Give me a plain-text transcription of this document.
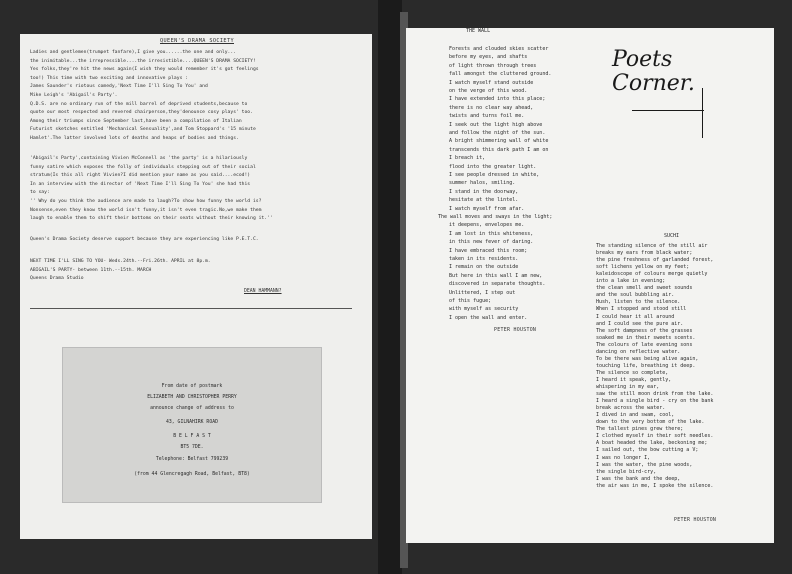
QUEEN'S DRAMA SOCIETY
Ladies and gentlemen(trumpet fanfare),I give you......the one and only...
the inimitable...the irrepressible....the irresistible....QUEEN'S DRAMA SOCIETY!
Yes folks,they're hit the news again(I wish they would remember it's got feelings
too!) This time with two exciting and innovative plays :
James Saunder's riotous comedy,'Next Time I'll Sing To You' and
Mike Leigh's 'Abigail's Party'.
Q.D.S. are no ordinary run of the mill barrel of deprived students,because to
quote our most respected and revered chairperson,they'denounce cosy plays' too.
Among their triumps since September last,have been a compilation of Italian
Futurist sketches entitled 'Mechanical Sensuality',and Tom Stoppard's '15 minute
Hamlet'.The latter involved lots of deaths and heaps of bodies and things.
'Abigail's Party',containing Vivien McConnell as 'the party' is a hilariously
funny satire which exposes the folly of individuals stepping out of their social
stratum(Is this all right Vivien?I did mention your name as you said....ecod!)
In an interview with the director of 'Next Time I'll Sing To You' she had this
to say:
'' Why do you think the audience are made to laugh?To show how funny the world is?
Nonsense,even they know the world isn't funny,it isn't even tragic.No,we make them
laugh to enable them to shift their bottoms on their seats without their knowing it.''
Queen's Drama Society deserve support because they are experiencing like P.E.T.C.
NEXT TIME I'LL SING TO YOU- Weds.24th.--Fri.26th. APRIL at 8p.m.
ABIGAIL'S PARTY- between 11th.--15th. MARCH
Queens Drama Studio
DEAN HAMMANN?
From date of postmark
ELIZABETH AND CHRISTOPHER PERRY
announce change of address to
43, GILNAHIRK ROAD
B E L F A S T
BT5 7DE.
Telephone: Belfast 799239
(from 44 Glencregagh Road, Belfast, BT8)
THE WALL
PETER HOUSTON
Poets
Corner.
SUCHI
PETER HOUSTON
Forests and clouded skies scatter
before my eyes, and shafts
of light thrown through trees
fall amongst the cluttered ground.
I watch myself stand outside
on the verge of this wood.
I have extended into this place;
there is no clear way ahead,
twists and turns foil me.
I seek out the light high above
and follow the night of the sun.
A bright shimmering wall of white
transcends this dark path I am on
I breach it,
flood into the greater light.
I see people dressed in white,
summer halos, smiling.
I stand in the doorway,
hesitate at the lintel.
I watch myself from afar.
The wall moves and sways in the light;
it deepens, envelopes me.
I am lost in this whiteness,
in this new fever of daring.
I have embraced this room;
taken in its residents.
I remain on the outside
But here in this wall I am new,
discovered in separate thoughts.
Unlittered, I step out
of this fugue;
with myself as security
I open the wall and enter.
The standing silence of the still air
breaks my ears from black water;
the pine freshness of garlanded forest,
soft lichens yellow on my feet;
kaleidoscope of colours merge quietly
into a lake in evening;
the clean smell and sweet sounds
and the soul bubbling air.
Hush, listen to the silence.
When I stopped and stood still
I could hear it all around
and I could see the pure air.
The soft dampness of the grasses
soaked me in their sweets scents.
The colours of late evening sons
dancing on reflective water.
To be there was being alive again,
touching life, breathing it deep.
The silence so complete,
I heard it speak, gently,
whispering in my ear,
saw the still moon drink from the lake.
I heard a single bird - cry on the bank
break across the water.
I dived in and swam, cool,
down to the very bottom of the lake.
The tallest pines grew there;
I clothed myself in their soft needles.
A boat headed the lake, beckoning me;
I sailed out, the bow cutting a V;
I was no longer I,
I was the water, the pine woods,
the single bird-cry,
I was the bank and the deep,
the air was in me, I spoke the silence.
